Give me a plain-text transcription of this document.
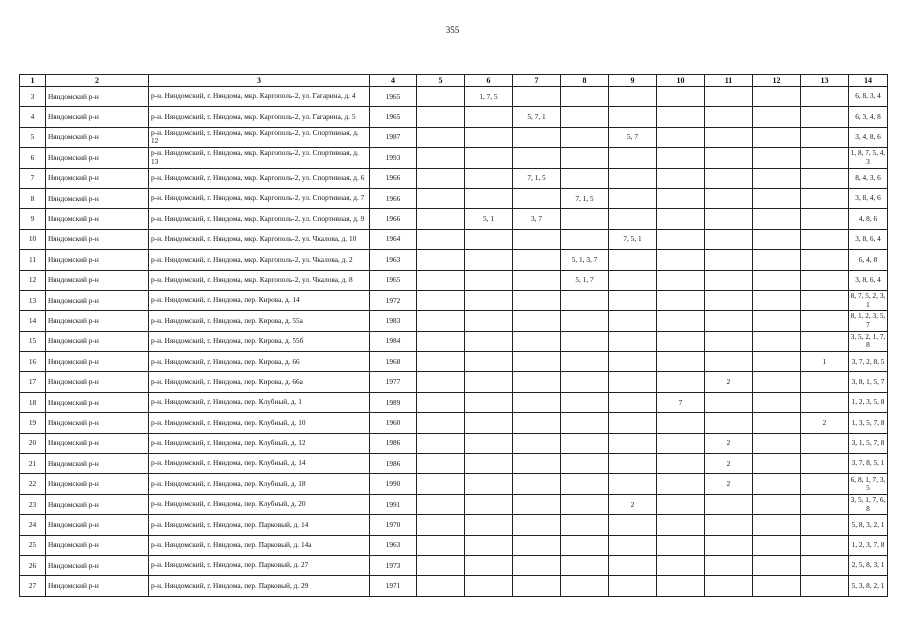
355
1	2	3	4	5	6	7	8	9	10	11	12	13	14
3	Няндомский р-н	р-н. Няндомский, г. Няндома, мкр. Каргополь-2, ул. Гагарина, д. 4	1965		1, 7, 5								6, 8, 3, 4
4	Няндомский р-н	р-н. Няндомский, г. Няндома, мкр. Каргополь-2, ул. Гагарина, д. 5	1965			5, 7, 1							6, 3, 4, 8
5	Няндомский р-н	р-н. Няндомский, г. Няндома, мкр. Каргополь-2, ул. Спортивная, д. 12	1987					5, 7					3, 4, 8, 6
6	Няндомский р-н	р-н. Няндомский, г. Няндома, мкр. Каргополь-2, ул. Спортивная, д. 13	1993										1, 8, 7, 5, 4, 3
7	Няндомский р-н	р-н. Няндомский, г. Няндома, мкр. Каргополь-2, ул. Спортивная, д. 6	1966			7, 1, 5							8, 4, 3, 6
8	Няндомский р-н	р-н. Няндомский, г. Няндома, мкр. Каргополь-2, ул. Спортивная, д. 7	1966				7, 1, 5						3, 8, 4, 6
9	Няндомский р-н	р-н. Няндомский, г. Няндома, мкр. Каргополь-2, ул. Спортивная, д. 9	1966		5, 1	3, 7							4, 8, 6
10	Няндомский р-н	р-н. Няндомский, г. Няндома, мкр. Каргополь-2, ул. Чкалова, д. 10	1964					7, 5, 1					3, 8, 6, 4
11	Няндомский р-н	р-н. Няндомский, г. Няндома, мкр. Каргополь-2, ул. Чкалова, д. 2	1963				5, 1, 3, 7						6, 4, 8
12	Няндомский р-н	р-н. Няндомский, г. Няндома, мкр. Каргополь-2, ул. Чкалова, д. 8	1965				5, 1, 7						3, 8, 6, 4
13	Няндомский р-н	р-н. Няндомский, г. Няндома, пер. Кирова, д. 14	1972										8, 7, 5, 2, 3, 1
14	Няндомский р-н	р-н. Няндомский, г. Няндома, пер. Кирова, д. 55а	1983										8, 1, 2, 3, 5, 7
15	Няндомский р-н	р-н. Няндомский, г. Няндома, пер. Кирова, д. 55б	1984										3, 5, 2, 1, 7, 8
16	Няндомский р-н	р-н. Няндомский, г. Няндома, пер. Кирова, д. 66	1968									1	3, 7, 2, 8, 5
17	Няндомский р-н	р-н. Няндомский, г. Няндома, пер. Кирова, д. 66а	1977							2			3, 8, 1, 5, 7
18	Няндомский р-н	р-н. Няндомский, г. Няндома, пер. Клубный, д. 1	1989						7				1, 2, 3, 5, 8
19	Няндомский р-н	р-н. Няндомский, г. Няндома, пер. Клубный, д. 10	1960									2	1, 3, 5, 7, 8
20	Няндомский р-н	р-н. Няндомский, г. Няндома, пер. Клубный, д. 12	1986							2			3, 1, 5, 7, 8
21	Няндомский р-н	р-н. Няндомский, г. Няндома, пер. Клубный, д. 14	1986							2			3, 7, 8, 5, 1
22	Няндомский р-н	р-н. Няндомский, г. Няндома, пер. Клубный, д. 18	1990							2			6, 8, 1, 7, 3, 5
23	Няндомский р-н	р-н. Няндомский, г. Няндома, пер. Клубный, д. 20	1991					2					3, 5, 1, 7, 6, 8
24	Няндомский р-н	р-н. Няндомский, г. Няндома, пер. Парковый, д. 14	1970										5, 8, 3, 2, 1
25	Няндомский р-н	р-н. Няндомский, г. Няндома, пер. Парковый, д. 14а	1963										1, 2, 3, 7, 8
26	Няндомский р-н	р-н. Няндомский, г. Няндома, пер. Парковый, д. 27	1973										2, 5, 8, 3, 1
27	Няндомский р-н	р-н. Няндомский, г. Няндома, пер. Парковый, д. 29	1971										5, 3, 8, 2, 1
